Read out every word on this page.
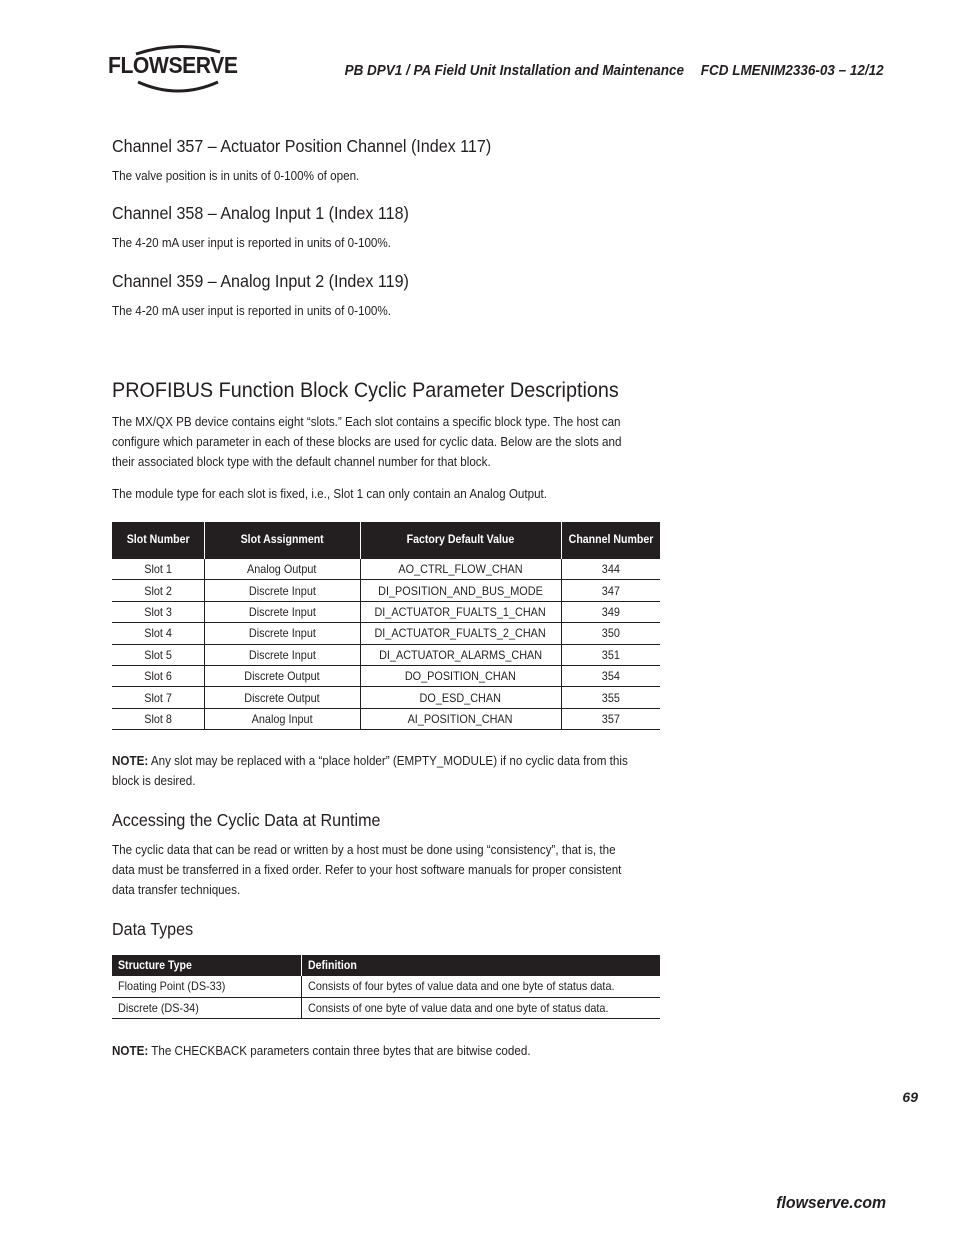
FLOWSERVE	PB DPV1 / PA Field Unit Installation and Maintenance FCD LMENIM2336-03 – 12/12
Channel 357 – Actuator Position Channel (Index 117)
The valve position is in units of 0-100% of open.
Channel 358 – Analog Input 1 (Index 118)
The 4-20 mA user input is reported in units of 0-100%.
Channel 359 – Analog Input 2 (Index 119)
The 4-20 mA user input is reported in units of 0-100%.
PROFIBUS Function Block Cyclic Parameter Descriptions
The MX/QX PB device contains eight “slots.” Each slot contains a specific block type. The host can
configure which parameter in each of these blocks are used for cyclic data. Below are the slots and
their associated block type with the default channel number for that block.
The module type for each slot is fixed, i.e., Slot 1 can only contain an Analog Output.
Slot Number	Slot Assignment	Factory Default Value	Channel Number
Slot 1	Analog Output	AO_CTRL_FLOW_CHAN	344
Slot 2	Discrete Input	DI_POSITION_AND_BUS_MODE	347
Slot 3	Discrete Input	DI_ACTUATOR_FUALTS_1_CHAN	349
Slot 4	Discrete Input	DI_ACTUATOR_FUALTS_2_CHAN	350
Slot 5	Discrete Input	DI_ACTUATOR_ALARMS_CHAN	351
Slot 6	Discrete Output	DO_POSITION_CHAN	354
Slot 7	Discrete Output	DO_ESD_CHAN	355
Slot 8	Analog Input	AI_POSITION_CHAN	357
NOTE: Any slot may be replaced with a “place holder” (EMPTY_MODULE) if no cyclic data from this
block is desired.
Accessing the Cyclic Data at Runtime
The cyclic data that can be read or written by a host must be done using “consistency”, that is, the
data must be transferred in a fixed order. Refer to your host software manuals for proper consistent
data transfer techniques.
Data Types
Structure Type	Definition
Floating Point (DS-33)	Consists of four bytes of value data and one byte of status data.
Discrete (DS-34)	Consists of one byte of value data and one byte of status data.
NOTE: The CHECKBACK parameters contain three bytes that are bitwise coded.
69
flowserve.com
